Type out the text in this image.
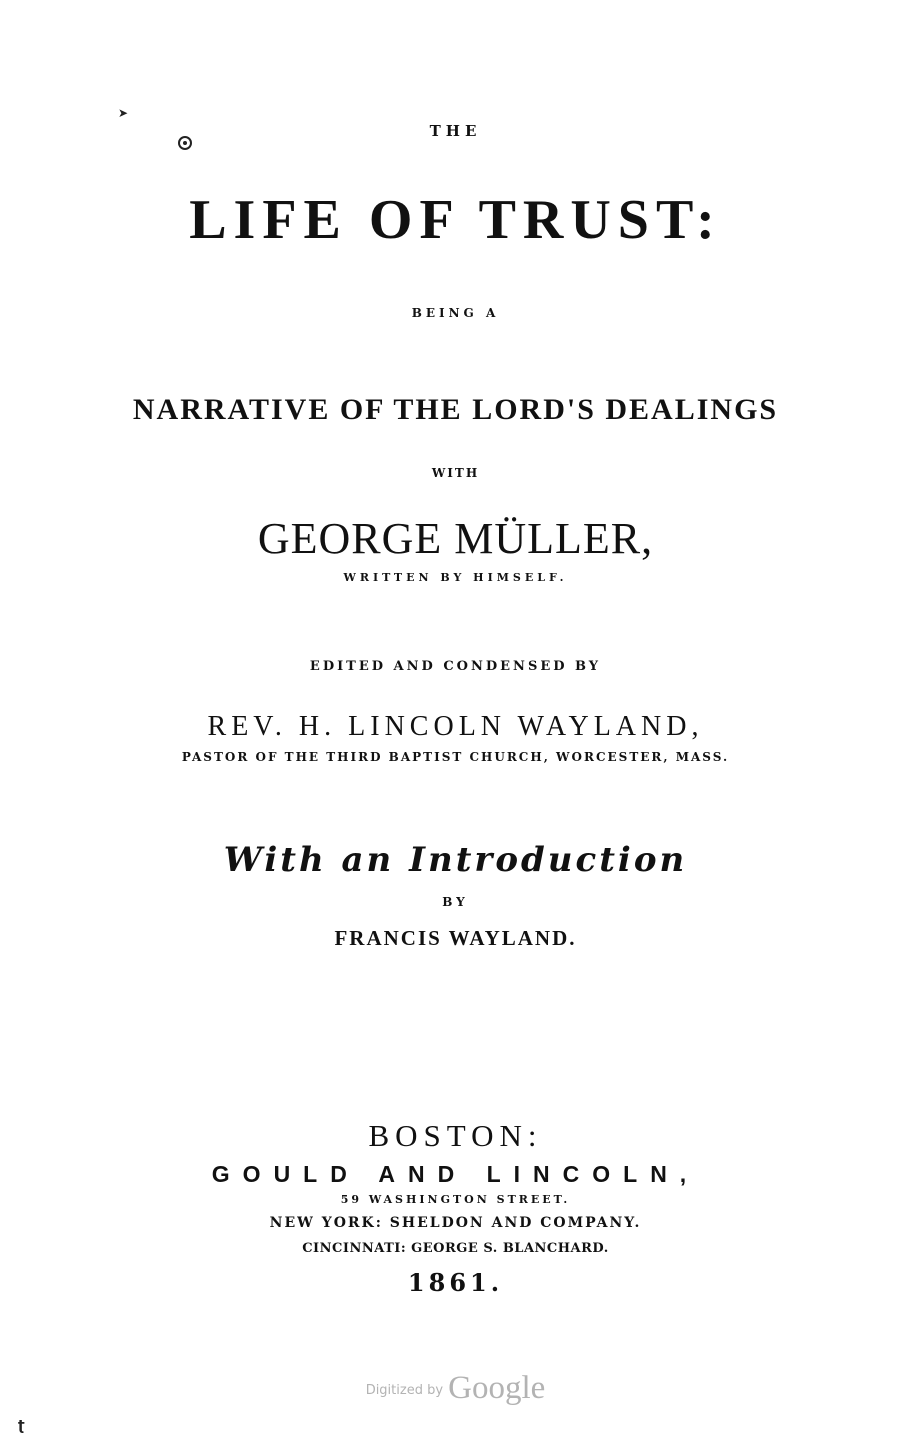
➤
THE
LIFE OF TRUST:
BEING A
NARRATIVE OF THE LORD'S DEALINGS
WITH
GEORGE MÜLLER,
WRITTEN BY HIMSELF.
EDITED AND CONDENSED BY
REV. H. LINCOLN WAYLAND,
PASTOR OF THE THIRD BAPTIST CHURCH, WORCESTER, MASS.
With an Introduction
BY
FRANCIS WAYLAND.
BOSTON:
GOULD AND LINCOLN,
59 WASHINGTON STREET.
NEW YORK: SHELDON AND COMPANY.
CINCINNATI: GEORGE S. BLANCHARD.
1861.
$^{Digitized by}$ Google
ʈ
